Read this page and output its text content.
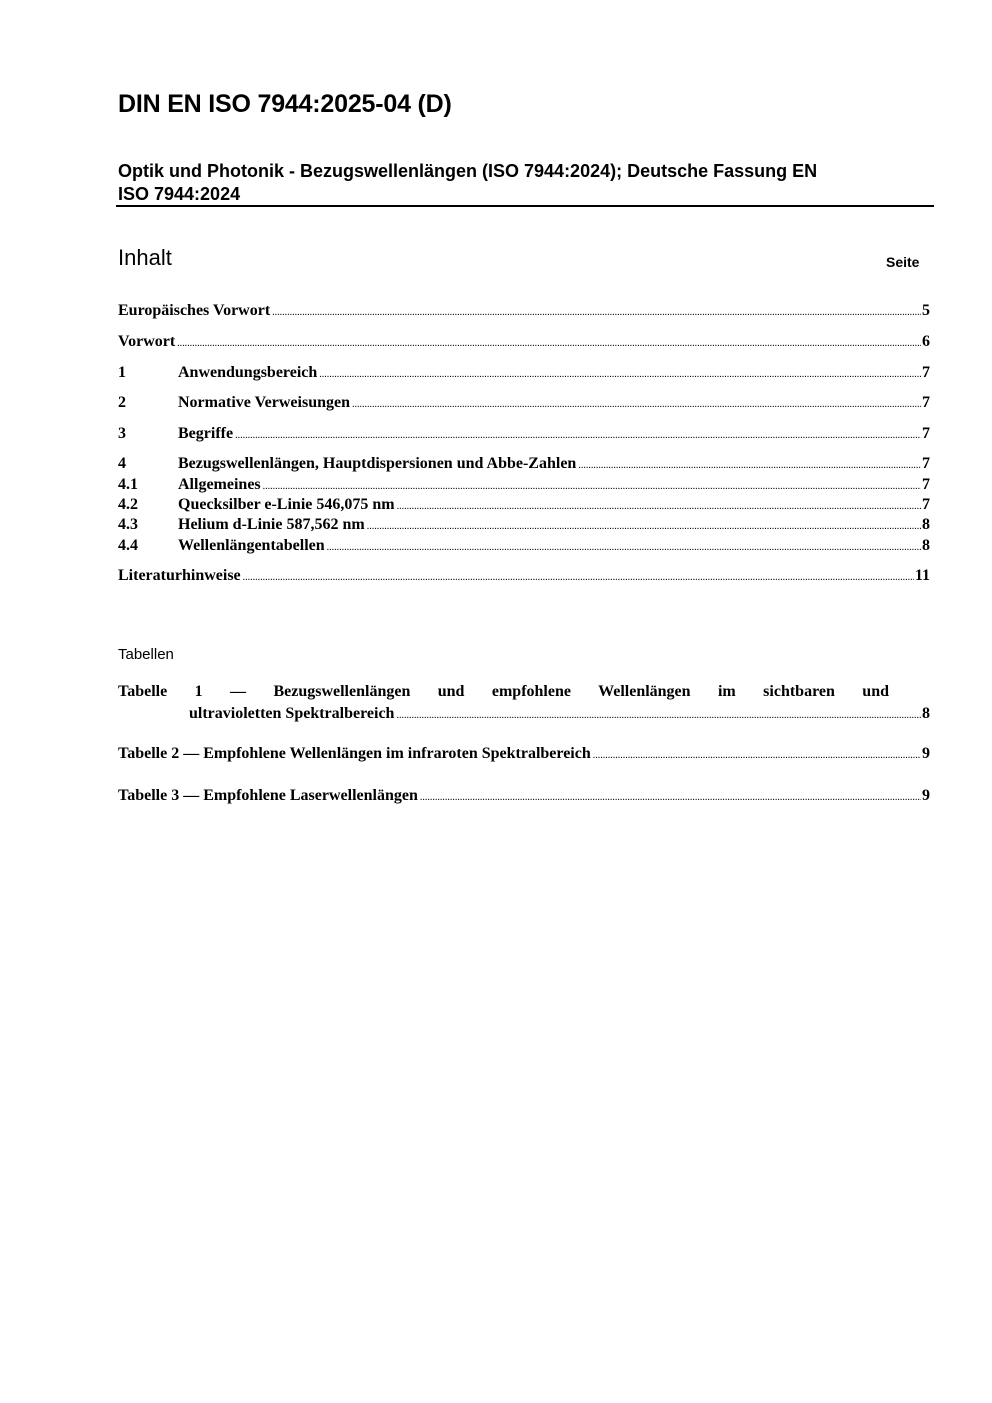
DIN EN ISO 7944:2025-04 (D)
Optik und Photonik - Bezugswellenlängen (ISO 7944:2024); Deutsche Fassung EN
ISO 7944:2024
Inhalt	Seite
Europäisches Vorwort .....	5
Vorwort .....	6
1	Anwendungsbereich .....	7
2	Normative Verweisungen .....	7
3	Begriffe .....	7
4	Bezugswellenlängen, Hauptdispersionen und Abbe-Zahlen .....	7
4.1	Allgemeines .....	7
4.2	Quecksilber e-Linie 546,075 nm .....	7
4.3	Helium d-Linie 587,562 nm .....	8
4.4	Wellenlängentabellen .....	8
Literaturhinweise .....	11
Tabellen
Tabelle 1 — Bezugswellenlängen und empfohlene Wellenlängen im sichtbaren und
ultravioletten Spektralbereich .....	8
Tabelle 2 — Empfohlene Wellenlängen im infraroten Spektralbereich .....	9
Tabelle 3 — Empfohlene Laserwellenlängen .....	9
